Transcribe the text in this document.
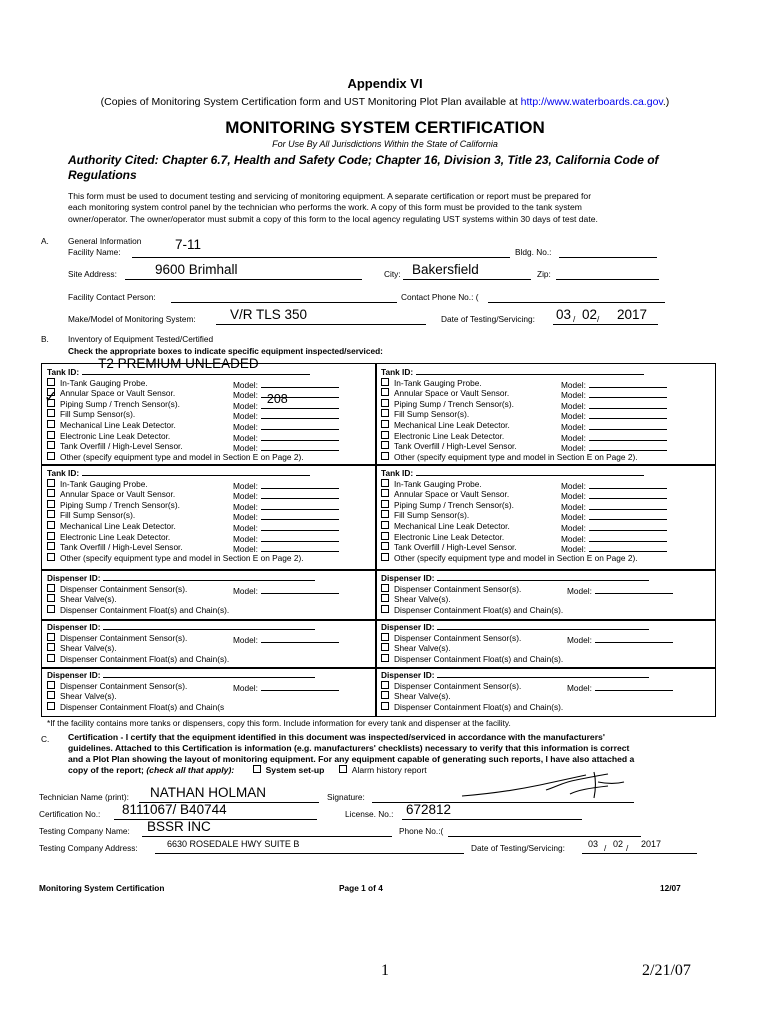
Appendix VI
(Copies of Monitoring System Certification form and UST Monitoring Plot Plan available at http://www.waterboards.ca.gov.)
MONITORING SYSTEM CERTIFICATION
For Use By All Jurisdictions Within the State of California
Authority Cited: Chapter 6.7, Health and Safety Code; Chapter 16, Division 3, Title 23, California Code of
Regulations
This form must be used to document testing and servicing of monitoring equipment. A separate certification or report must be prepared for
each monitoring system control panel by the technician who performs the work. A copy of this form must be provided to the tank system
owner/operator. The owner/operator must submit a copy of this form to the local agency regulating UST systems within 30 days of test date.
A. General Information
Facility Name:	7-11	Bldg. No.:
Site Address:	9600 Brimhall	City: Bakersfield	Zip:
Facility Contact Person:	Contact Phone No.: (
Make/Model of Monitoring System:	V/R TLS 350	Date of Testing/Servicing: 03 / 02 / 2017
B. Inventory of Equipment Tested/Certified
Check the appropriate boxes to indicate specific equipment inspected/serviced:
*If the facility contains more tanks or dispensers, copy this form. Include information for every tank and dispenser at the facility.
C. Certification - I certify that the equipment identified in this document was inspected/serviced in accordance with the manufacturers'
guidelines. Attached to this Certification is information (e.g. manufacturers' checklists) necessary to verify that this information is correct
and a Plot Plan showing the layout of monitoring equipment. For any equipment capable of generating such reports, I have also attached a
copy of the report; (check all that apply):	System set-up	Alarm history report
Technician Name (print): NATHAN HOLMAN	Signature:
Certification No.: 8111067/ B40744	License. No.: 672812
Testing Company Name: BSSR INC	Phone No.:(
Testing Company Address:	6630 ROSEDALE HWY SUITE B	Date of Testing/Servicing:	03 / 02 / 2017
Monitoring System Certification	Page 1 of 4	12/07
1	2/21/07
Tank ID:
T2 PREMIUM UNLEADED
In-Tank Gauging Probe.	Model:
Annular Space or Vault Sensor.	Model:
✓ Piping Sump / Trench Sensor(s).	Model: 208
Fill Sump Sensor(s).	Model:
Mechanical Line Leak Detector.	Model:
Electronic Line Leak Detector.	Model:
Tank Overfill / High-Level Sensor.	Model:
Other (specify equipment type and model in Section E on Page 2).
Tank ID:
In-Tank Gauging Probe.	Model:
Annular Space or Vault Sensor.	Model:
Piping Sump / Trench Sensor(s).	Model:
Fill Sump Sensor(s).	Model:
Mechanical Line Leak Detector.	Model:
Electronic Line Leak Detector.	Model:
Tank Overfill / High-Level Sensor.	Model:
Other (specify equipment type and model in Section E on Page 2).
Tank ID:
In-Tank Gauging Probe.	Model:
Annular Space or Vault Sensor.	Model:
Piping Sump / Trench Sensor(s).	Model:
Fill Sump Sensor(s).	Model:
Mechanical Line Leak Detector.	Model:
Electronic Line Leak Detector.	Model:
Tank Overfill / High-Level Sensor.	Model:
Other (specify equipment type and model in Section E on Page 2).
Tank ID:
In-Tank Gauging Probe.	Model:
Annular Space or Vault Sensor.	Model:
Piping Sump / Trench Sensor(s).	Model:
Fill Sump Sensor(s).	Model:
Mechanical Line Leak Detector.	Model:
Electronic Line Leak Detector.	Model:
Tank Overfill / High-Level Sensor.	Model:
Other (specify equipment type and model in Section E on Page 2).
Dispenser ID:
Dispenser Containment Sensor(s).	Model:
Shear Valve(s).
Dispenser Containment Float(s) and Chain(s).
Dispenser ID:
Dispenser Containment Sensor(s).	Model:
Shear Valve(s).
Dispenser Containment Float(s) and Chain(s).
Dispenser ID:
Dispenser Containment Sensor(s).	Model:
Shear Valve(s).
Dispenser Containment Float(s) and Chain(s).
Dispenser ID:
Dispenser Containment Sensor(s).	Model:
Shear Valve(s).
Dispenser Containment Float(s) and Chain(s).
Dispenser ID:
Dispenser Containment Sensor(s).	Model:
Shear Valve(s).
Dispenser Containment Float(s) and Chain(s
Dispenser ID:
Dispenser Containment Sensor(s).	Model:
Shear Valve(s).
Dispenser Containment Float(s) and Chain(s).
